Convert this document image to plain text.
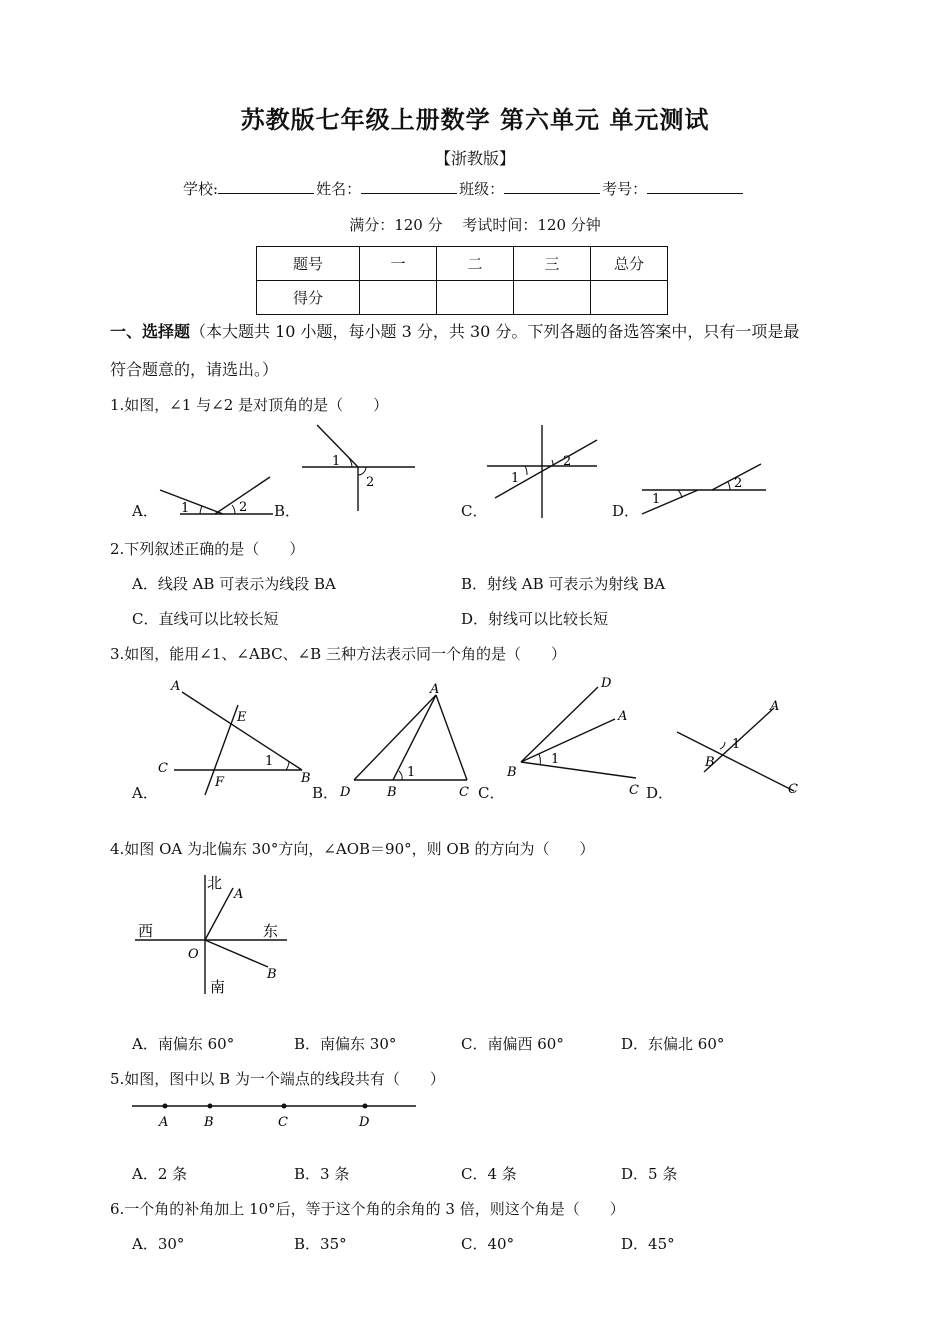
苏教版七年级上册数学 第六单元 单元测试
【浙教版】
学校:	姓名：	班级：	考号：
满分：120 分　 考试时间：120 分钟
题号	一	二	三	总分
得分				
一、选择题（本大题共 10 小题，每小题 3 分，共 30 分。下列各题的备选答案中，只有一项是最
符合题意的，请选出。）
1.如图，∠1 与∠2 是对顶角的是（　　）
A．	B．	C．	D．
1	2
1
2	1
2
1
2
2.下列叙述正确的是（　　）
A．线段 AB 可表示为线段 BA	B．射线 AB 可表示为射线 BA
C．直线可以比较长短	D．射线可以比较长短
3.如图，能用∠1、∠ABC、∠B 三种方法表示同一个角的是（　　）
A．	B．	C．	D．
A
E
C
F
1
B
A
1
D	B	C
D
A
1
B
C
A
1
B
C
4.如图 OA 为北偏东 30°方向，∠AOB＝90°，则 OB 的方向为（　　）
北
A
西	东
O
B
南
A．南偏东 60°	B．南偏东 30°	C．南偏西 60°	D．东偏北 60°
5.如图，图中以 B 为一个端点的线段共有（　　）
A	B	C	D
A．2 条	B．3 条	C．4 条	D．5 条
6.一个角的补角加上 10°后，等于这个角的余角的 3 倍，则这个角是（　　）
A．30°	B．35°	C．40°	D．45°
